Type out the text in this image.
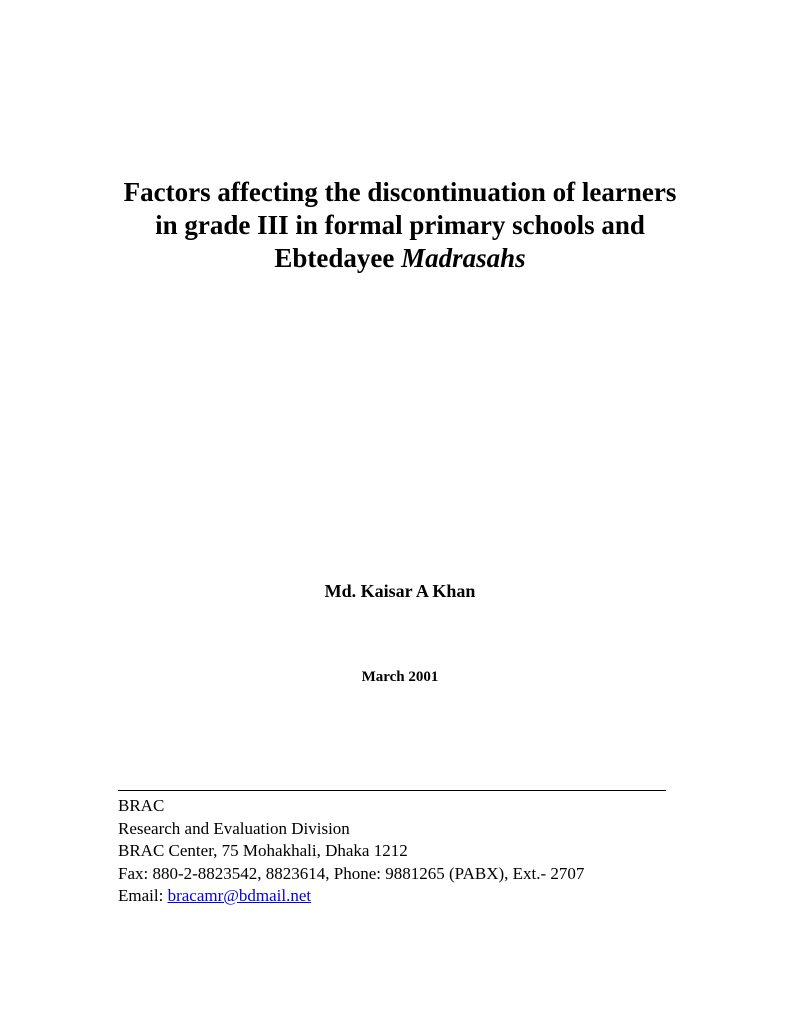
Factors affecting the discontinuation of learners
in grade III in formal primary schools and
Ebtedayee Madrasahs
Md. Kaisar A Khan
March 2001
BRAC
Research and Evaluation Division
BRAC Center, 75 Mohakhali, Dhaka 1212
Fax: 880-2-8823542, 8823614, Phone: 9881265 (PABX), Ext.- 2707
Email: bracamr@bdmail.net
